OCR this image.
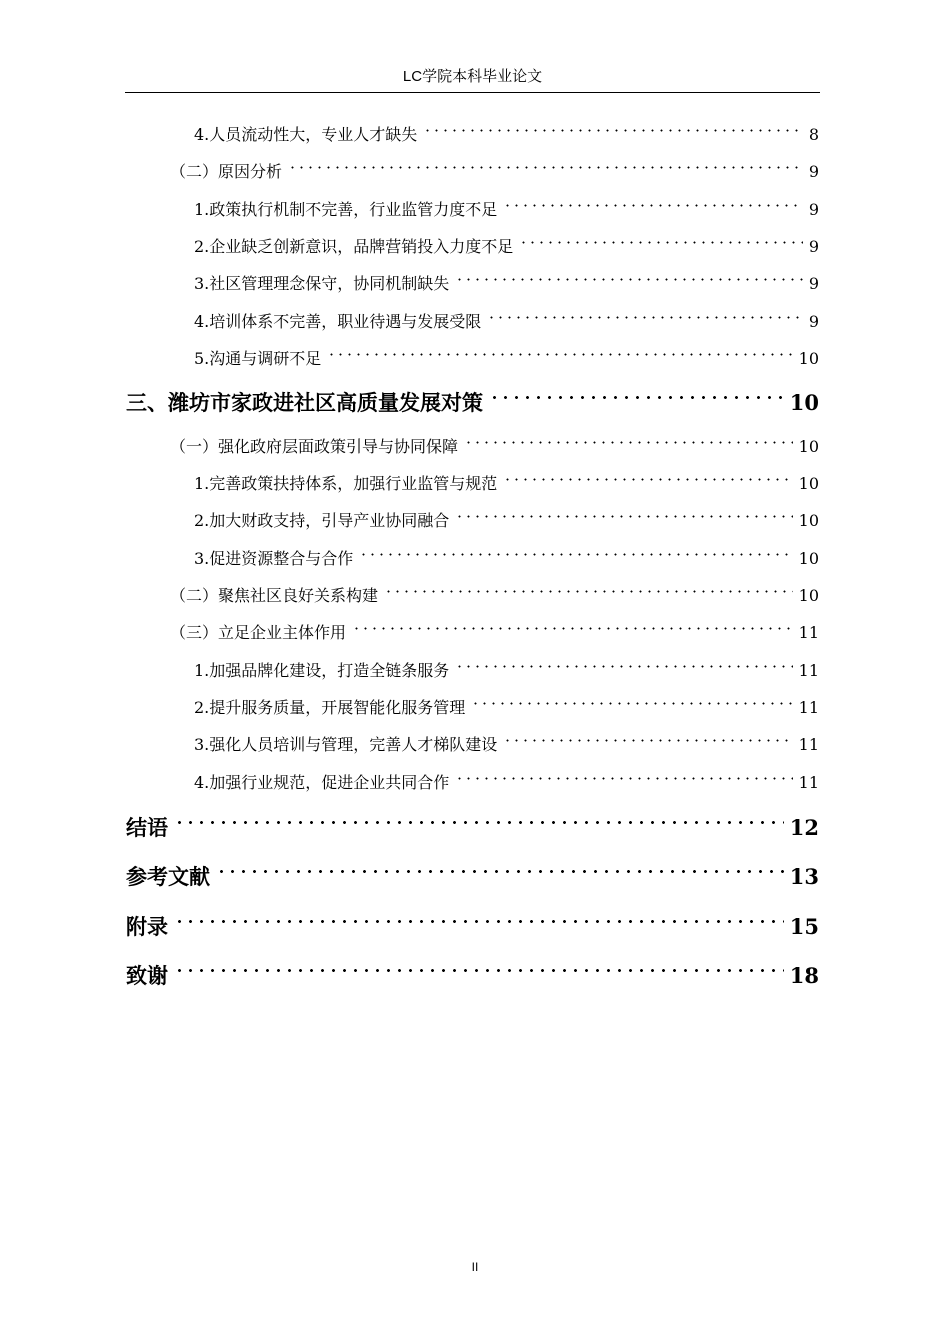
LC学院本科毕业论文
4.人员流动性大，专业人才缺失	8
（二）原因分析	9
1.政策执行机制不完善，行业监管力度不足	9
2.企业缺乏创新意识，品牌营销投入力度不足	9
3.社区管理理念保守，协同机制缺失	9
4.培训体系不完善，职业待遇与发展受限	9
5.沟通与调研不足	10
三、潍坊市家政进社区高质量发展对策	10
（一）强化政府层面政策引导与协同保障	10
1.完善政策扶持体系，加强行业监管与规范	10
2.加大财政支持，引导产业协同融合	10
3.促进资源整合与合作	10
（二）聚焦社区良好关系构建	10
（三）立足企业主体作用	11
1.加强品牌化建设，打造全链条服务	11
2.提升服务质量，开展智能化服务管理	11
3.强化人员培训与管理，完善人才梯队建设	11
4.加强行业规范，促进企业共同合作	11
结语	12
参考文献	13
附录	15
致谢	18
II
